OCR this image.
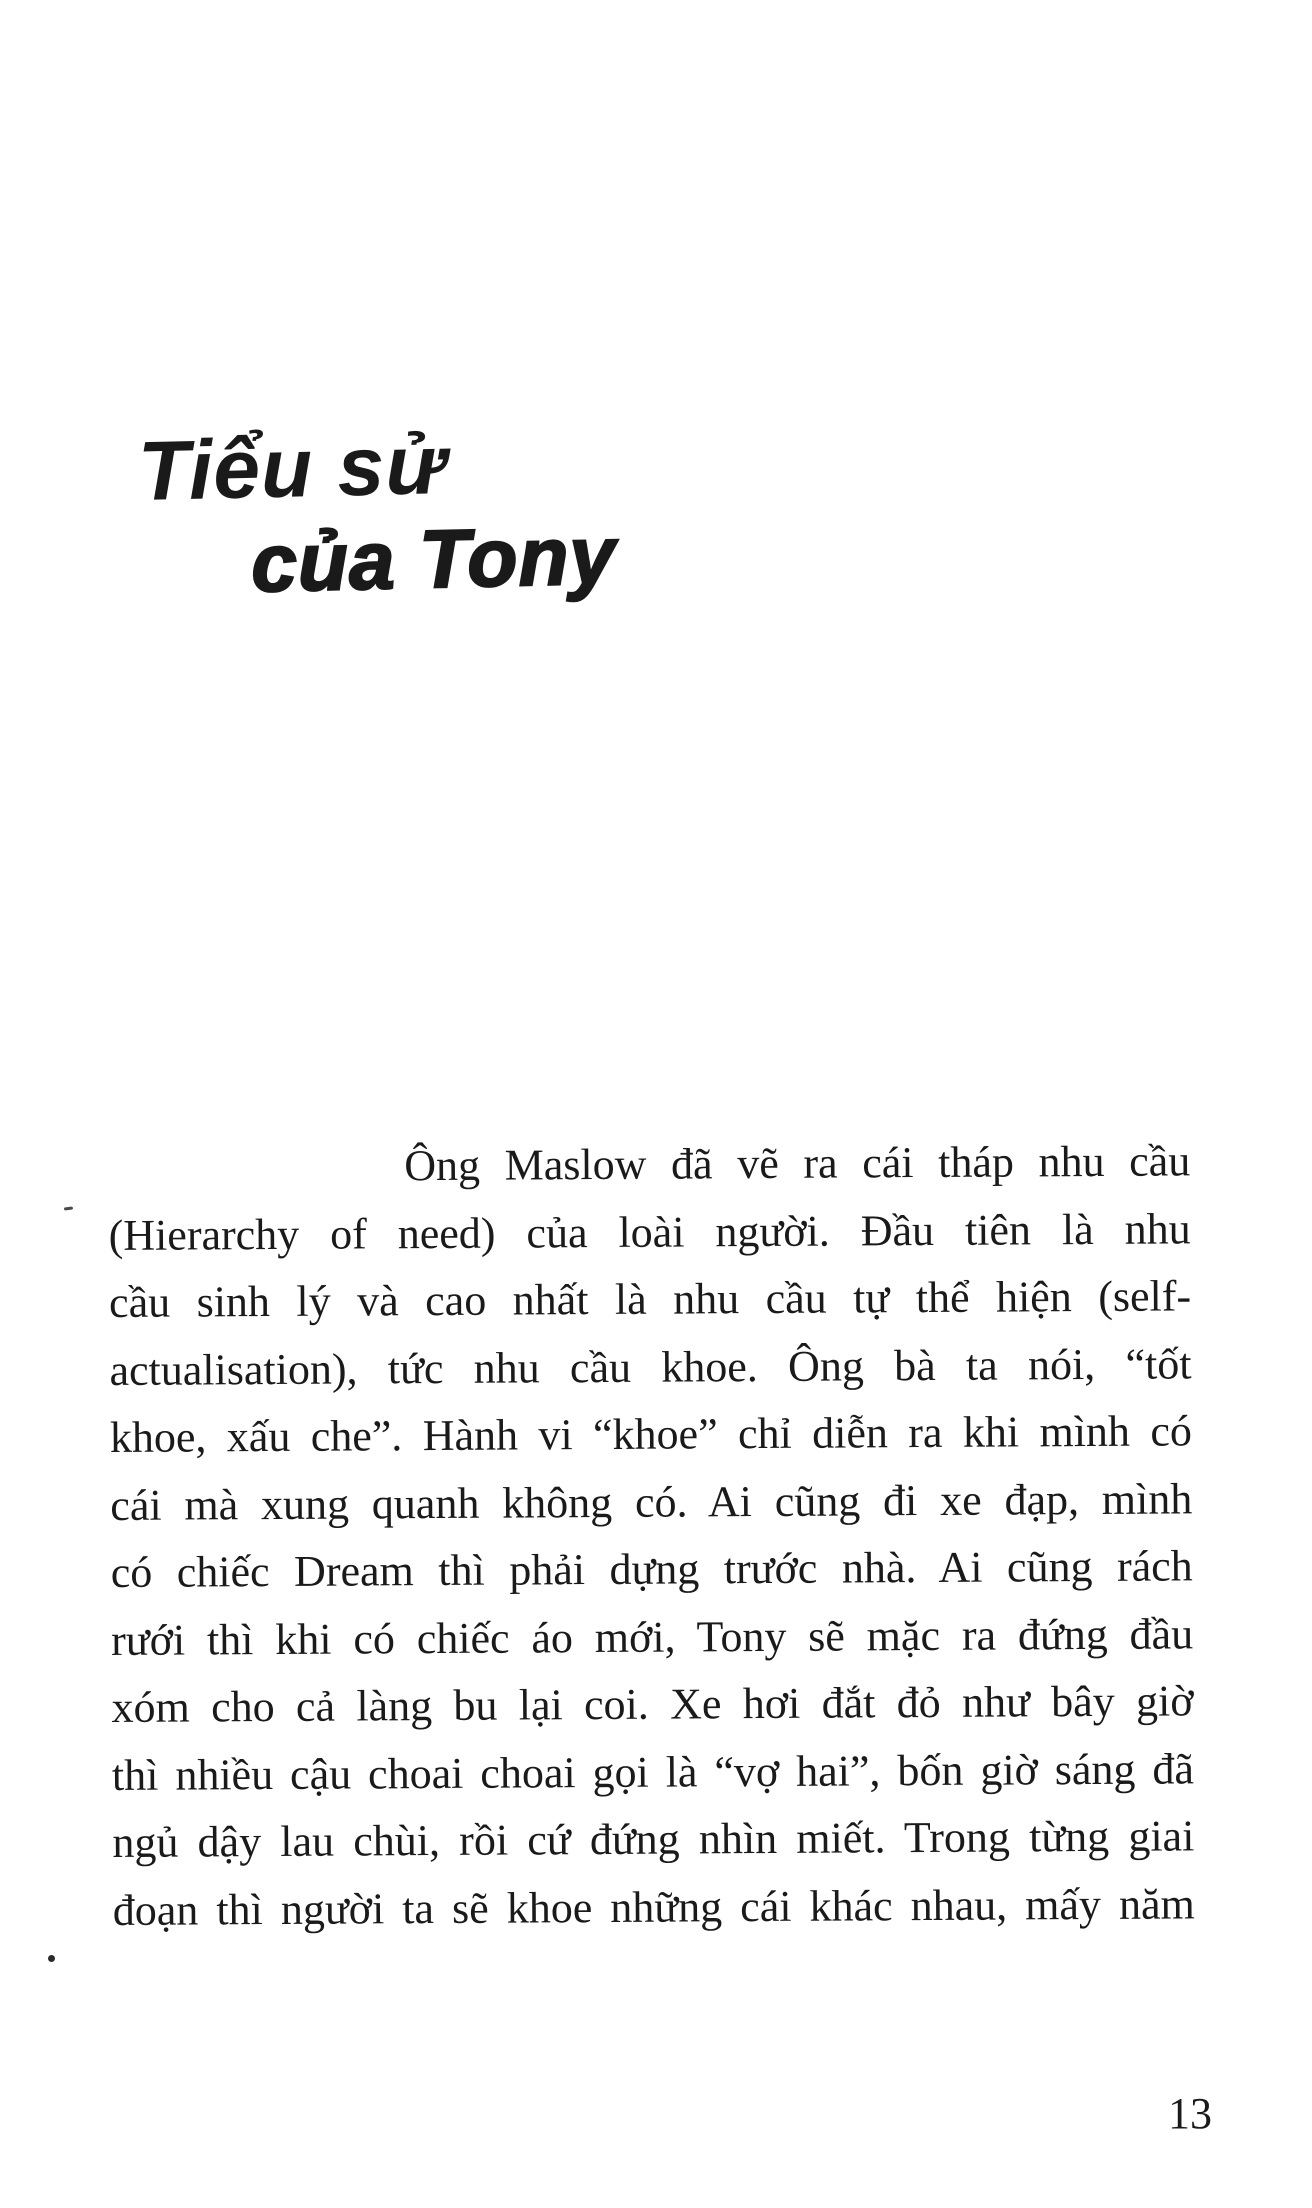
Tiểu sử
của Tony
Ông Maslow đã vẽ ra cái tháp nhu cầu
(Hierarchy of need) của loài người. Đầu tiên là nhu
cầu sinh lý và cao nhất là nhu cầu tự thể hiện (self-
actualisation), tức nhu cầu khoe. Ông bà ta nói, “tốt
khoe, xấu che”. Hành vi “khoe” chỉ diễn ra khi mình có
cái mà xung quanh không có. Ai cũng đi xe đạp, mình
có chiếc Dream thì phải dựng trước nhà. Ai cũng rách
rưới thì khi có chiếc áo mới, Tony sẽ mặc ra đứng đầu
xóm cho cả làng bu lại coi. Xe hơi đắt đỏ như bây giờ
thì nhiều cậu choai choai gọi là “vợ hai”, bốn giờ sáng đã
ngủ dậy lau chùi, rồi cứ đứng nhìn miết. Trong từng giai
đoạn thì người ta sẽ khoe những cái khác nhau, mấy năm
13
